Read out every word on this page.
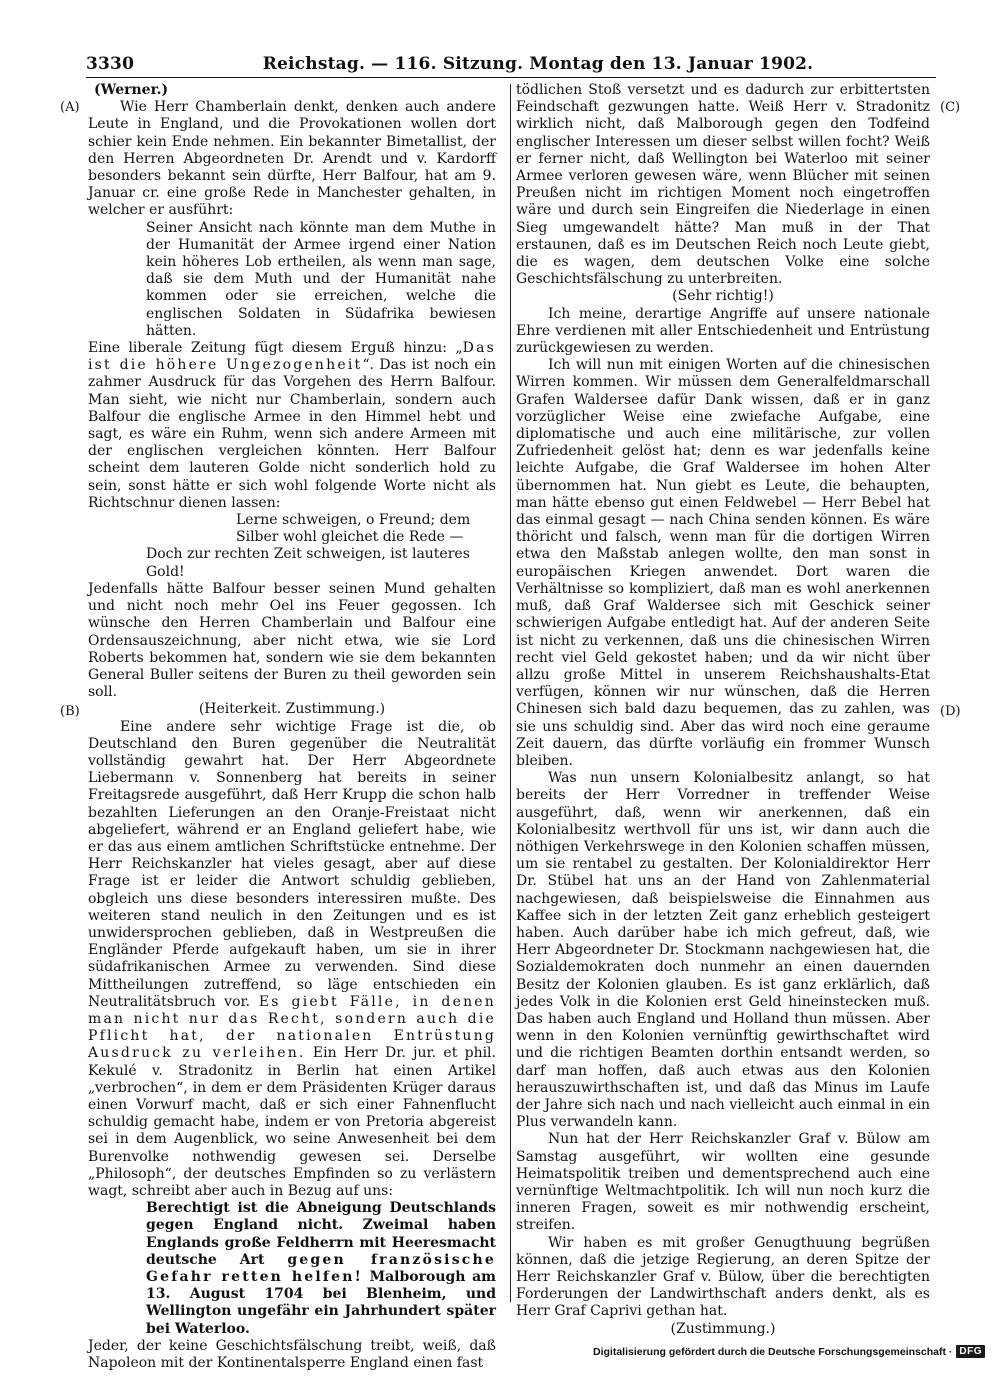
3330	Reichstag. — 116. Sitzung. Montag den 13. Januar 1902.
(A)
(B)
(C)
(D)

(Werner.)

Wie Herr Chamberlain denkt, denken auch andere Leute in England, und die Provokationen wollen dort schier kein Ende nehmen. Ein bekannter Bimetallist, der den Herren Abgeordneten Dr. Arendt und v. Kardorff besonders bekannt sein dürfte, Herr Balfour, hat am 9. Januar cr. eine große Rede in Manchester gehalten, in welcher er ausführt:

Seiner Ansicht nach könnte man dem Muthe in der Humanität der Armee irgend einer Nation kein höheres Lob ertheilen, als wenn man sage, daß sie dem Muth und der Humanität nahe kommen oder sie erreichen, welche die englischen Soldaten in Südafrika bewiesen hätten.

Eine liberale Zeitung fügt diesem Erguß hinzu: „Das ist die höhere Ungezogenheit“. Das ist noch ein zahmer Ausdruck für das Vorgehen des Herrn Balfour. Man sieht, wie nicht nur Chamberlain, sondern auch Balfour die englische Armee in den Himmel hebt und sagt, es wäre ein Ruhm, wenn sich andere Armeen mit der englischen vergleichen könnten. Herr Balfour scheint dem lauteren Golde nicht sonderlich hold zu sein, sonst hätte er sich wohl folgende Worte nicht als Richtschnur dienen lassen:

Lerne schweigen, o Freund; dem Silber wohl gleichet die Rede —

Doch zur rechten Zeit schweigen, ist lauteres Gold!

Jedenfalls hätte Balfour besser seinen Mund gehalten und nicht noch mehr Oel ins Feuer gegossen. Ich wünsche den Herren Chamberlain und Balfour eine Ordensauszeichnung, aber nicht etwa, wie sie Lord Roberts bekommen hat, sondern wie sie dem bekannten General Buller seitens der Buren zu theil geworden sein soll.

(Heiterkeit. Zustimmung.)

Eine andere sehr wichtige Frage ist die, ob Deutschland den Buren gegenüber die Neutralität vollständig gewahrt hat. Der Herr Abgeordnete Liebermann v. Sonnenberg hat bereits in seiner Freitagsrede ausgeführt, daß Herr Krupp die schon halb bezahlten Lieferungen an den Oranje-Freistaat nicht abgeliefert, während er an England geliefert habe, wie er das aus einem amtlichen Schriftstücke entnehme. Der Herr Reichskanzler hat vieles gesagt, aber auf diese Frage ist er leider die Antwort schuldig geblieben, obgleich uns diese besonders interessiren mußte. Des weiteren stand neulich in den Zeitungen und es ist unwidersprochen geblieben, daß in Westpreußen die Engländer Pferde aufgekauft haben, um sie in ihrer südafrikanischen Armee zu verwenden. Sind diese Mittheilungen zutreffend, so läge entschieden ein Neutralitätsbruch vor. Es giebt Fälle, in denen man nicht nur das Recht, sondern auch die Pflicht hat, der nationalen Entrüstung Ausdruck zu verleihen. Ein Herr Dr. jur. et phil. Kekulé v. Stradonitz in Berlin hat einen Artikel „verbrochen“, in dem er dem Präsidenten Krüger daraus einen Vorwurf macht, daß er sich einer Fahnenflucht schuldig gemacht habe, indem er von Pretoria abgereist sei in dem Augenblick, wo seine Anwesenheit bei dem Burenvolke nothwendig gewesen sei. Derselbe „Philosoph“, der deutsches Empfinden so zu verlästern wagt, schreibt aber auch in Bezug auf uns:

Berechtigt ist die Abneigung Deutschlands gegen England nicht. Zweimal haben Englands große Feldherrn mit Heeresmacht deutsche Art gegen französische Gefahr retten helfen! Malborough am 13. August 1704 bei Blenheim, und Wellington ungefähr ein Jahrhundert später bei Waterloo.

Jeder, der keine Geschichtsfälschung treibt, weiß, daß Napoleon mit der Kontinentalsperre England einen fast

tödlichen Stoß versetzt und es dadurch zur erbittertsten Feindschaft gezwungen hatte. Weiß Herr v. Stradonitz wirklich nicht, daß Malborough gegen den Todfeind englischer Interessen um dieser selbst willen focht? Weiß er ferner nicht, daß Wellington bei Waterloo mit seiner Armee verloren gewesen wäre, wenn Blücher mit seinen Preußen nicht im richtigen Moment noch eingetroffen wäre und durch sein Eingreifen die Niederlage in einen Sieg umgewandelt hätte? Man muß in der That erstaunen, daß es im Deutschen Reich noch Leute giebt, die es wagen, dem deutschen Volke eine solche Geschichtsfälschung zu unterbreiten.

(Sehr richtig!)

Ich meine, derartige Angriffe auf unsere nationale Ehre verdienen mit aller Entschiedenheit und Entrüstung zurückgewiesen zu werden.

Ich will nun mit einigen Worten auf die chinesischen Wirren kommen. Wir müssen dem Generalfeldmarschall Grafen Waldersee dafür Dank wissen, daß er in ganz vorzüglicher Weise eine zwiefache Aufgabe, eine diplomatische und auch eine militärische, zur vollen Zufriedenheit gelöst hat; denn es war jedenfalls keine leichte Aufgabe, die Graf Waldersee im hohen Alter übernommen hat. Nun giebt es Leute, die behaupten, man hätte ebenso gut einen Feldwebel — Herr Bebel hat das einmal gesagt — nach China senden können. Es wäre thöricht und falsch, wenn man für die dortigen Wirren etwa den Maßstab anlegen wollte, den man sonst in europäischen Kriegen anwendet. Dort waren die Verhältnisse so kompliziert, daß man es wohl anerkennen muß, daß Graf Waldersee sich mit Geschick seiner schwierigen Aufgabe entledigt hat. Auf der anderen Seite ist nicht zu verkennen, daß uns die chinesischen Wirren recht viel Geld gekostet haben; und da wir nicht über allzu große Mittel in unserem Reichshaushalts-Etat verfügen, können wir nur wünschen, daß die Herren Chinesen sich bald dazu bequemen, das zu zahlen, was sie uns schuldig sind. Aber das wird noch eine geraume Zeit dauern, das dürfte vorläufig ein frommer Wunsch bleiben.

Was nun unsern Kolonialbesitz anlangt, so hat bereits der Herr Vorredner in treffender Weise ausgeführt, daß, wenn wir anerkennen, daß ein Kolonialbesitz werthvoll für uns ist, wir dann auch die nöthigen Verkehrswege in den Kolonien schaffen müssen, um sie rentabel zu gestalten. Der Kolonialdirektor Herr Dr. Stübel hat uns an der Hand von Zahlenmaterial nachgewiesen, daß beispielsweise die Einnahmen aus Kaffee sich in der letzten Zeit ganz erheblich gesteigert haben. Auch darüber habe ich mich gefreut, daß, wie Herr Abgeordneter Dr. Stockmann nachgewiesen hat, die Sozialdemokraten doch nunmehr an einen dauernden Besitz der Kolonien glauben. Es ist ganz erklärlich, daß jedes Volk in die Kolonien erst Geld hineinstecken muß. Das haben auch England und Holland thun müssen. Aber wenn in den Kolonien vernünftig gewirthschaftet wird und die richtigen Beamten dorthin entsandt werden, so darf man hoffen, daß auch etwas aus den Kolonien herauszuwirthschaften ist, und daß das Minus im Laufe der Jahre sich nach und nach vielleicht auch einmal in ein Plus verwandeln kann.

Nun hat der Herr Reichskanzler Graf v. Bülow am Samstag ausgeführt, wir wollten eine gesunde Heimatspolitik treiben und dementsprechend auch eine vernünftige Weltmachtpolitik. Ich will nun noch kurz die inneren Fragen, soweit es mir nothwendig erscheint, streifen.

Wir haben es mit großer Genugthuung begrüßen können, daß die jetzige Regierung, an deren Spitze der Herr Reichskanzler Graf v. Bülow, über die berechtigten Forderungen der Landwirthschaft anders denkt, als es Herr Graf Caprivi gethan hat.

(Zustimmung.)

Digitalisierung gefördert durch die Deutsche Forschungsgemeinschaft · DFG
